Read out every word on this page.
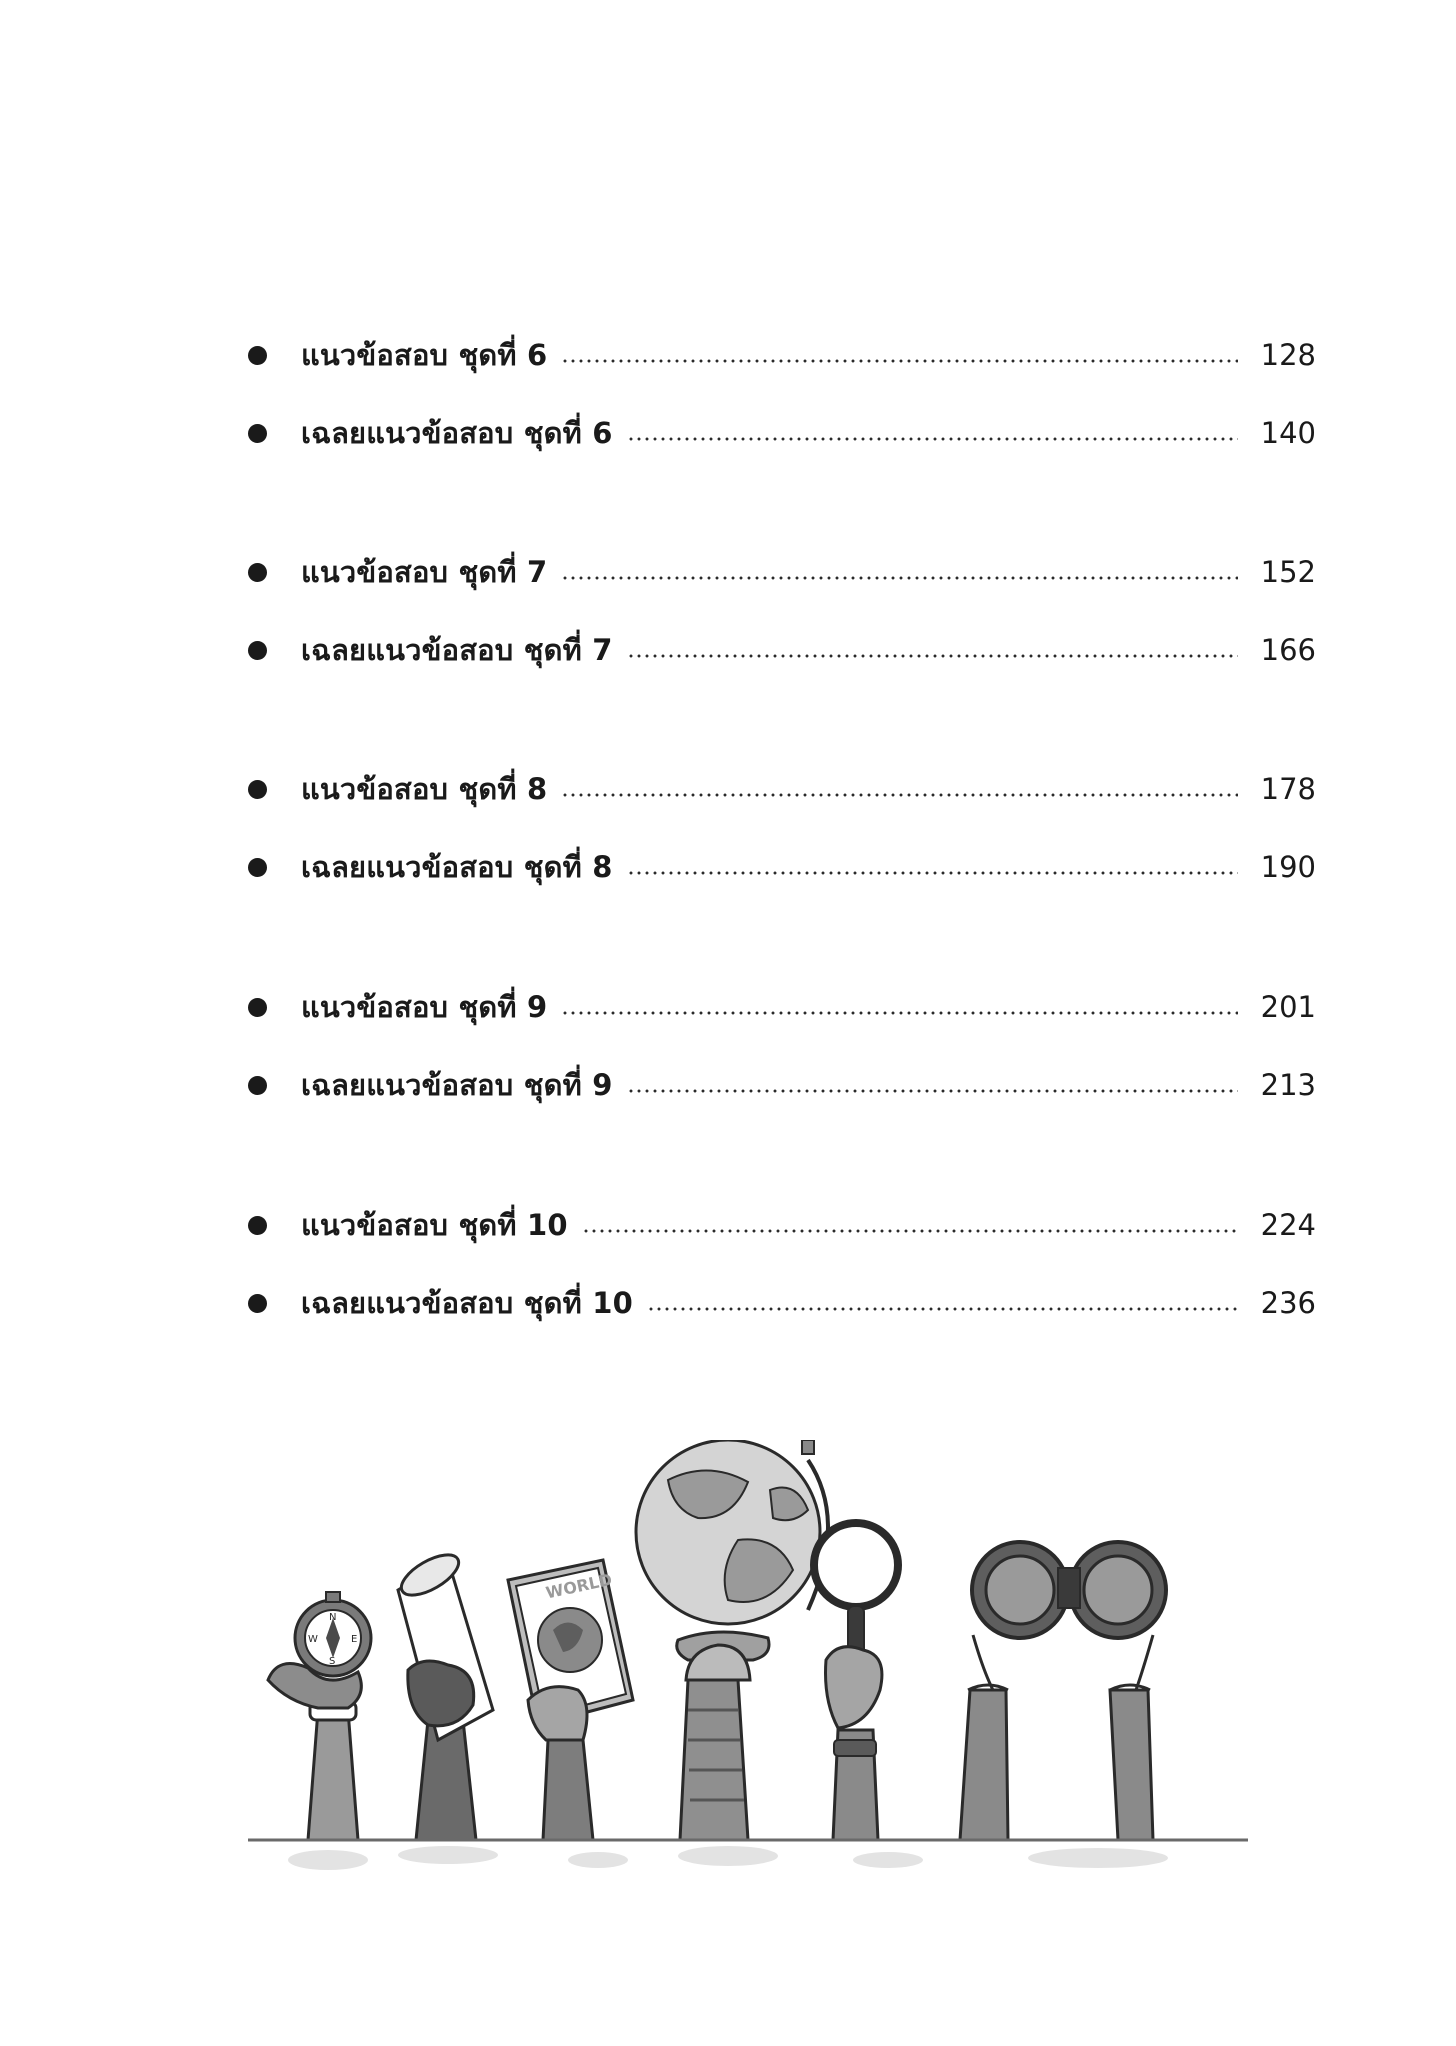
แนวข้อสอบ ชุดที่ 6	128
เฉลยแนวข้อสอบ ชุดที่ 6	140
แนวข้อสอบ ชุดที่ 7	152
เฉลยแนวข้อสอบ ชุดที่ 7	166
แนวข้อสอบ ชุดที่ 8	178
เฉลยแนวข้อสอบ ชุดที่ 8	190
แนวข้อสอบ ชุดที่ 9	201
เฉลยแนวข้อสอบ ชุดที่ 9	213
แนวข้อสอบ ชุดที่ 10	224
เฉลยแนวข้อสอบ ชุดที่ 10	236
N
S
W	E
WORLD
